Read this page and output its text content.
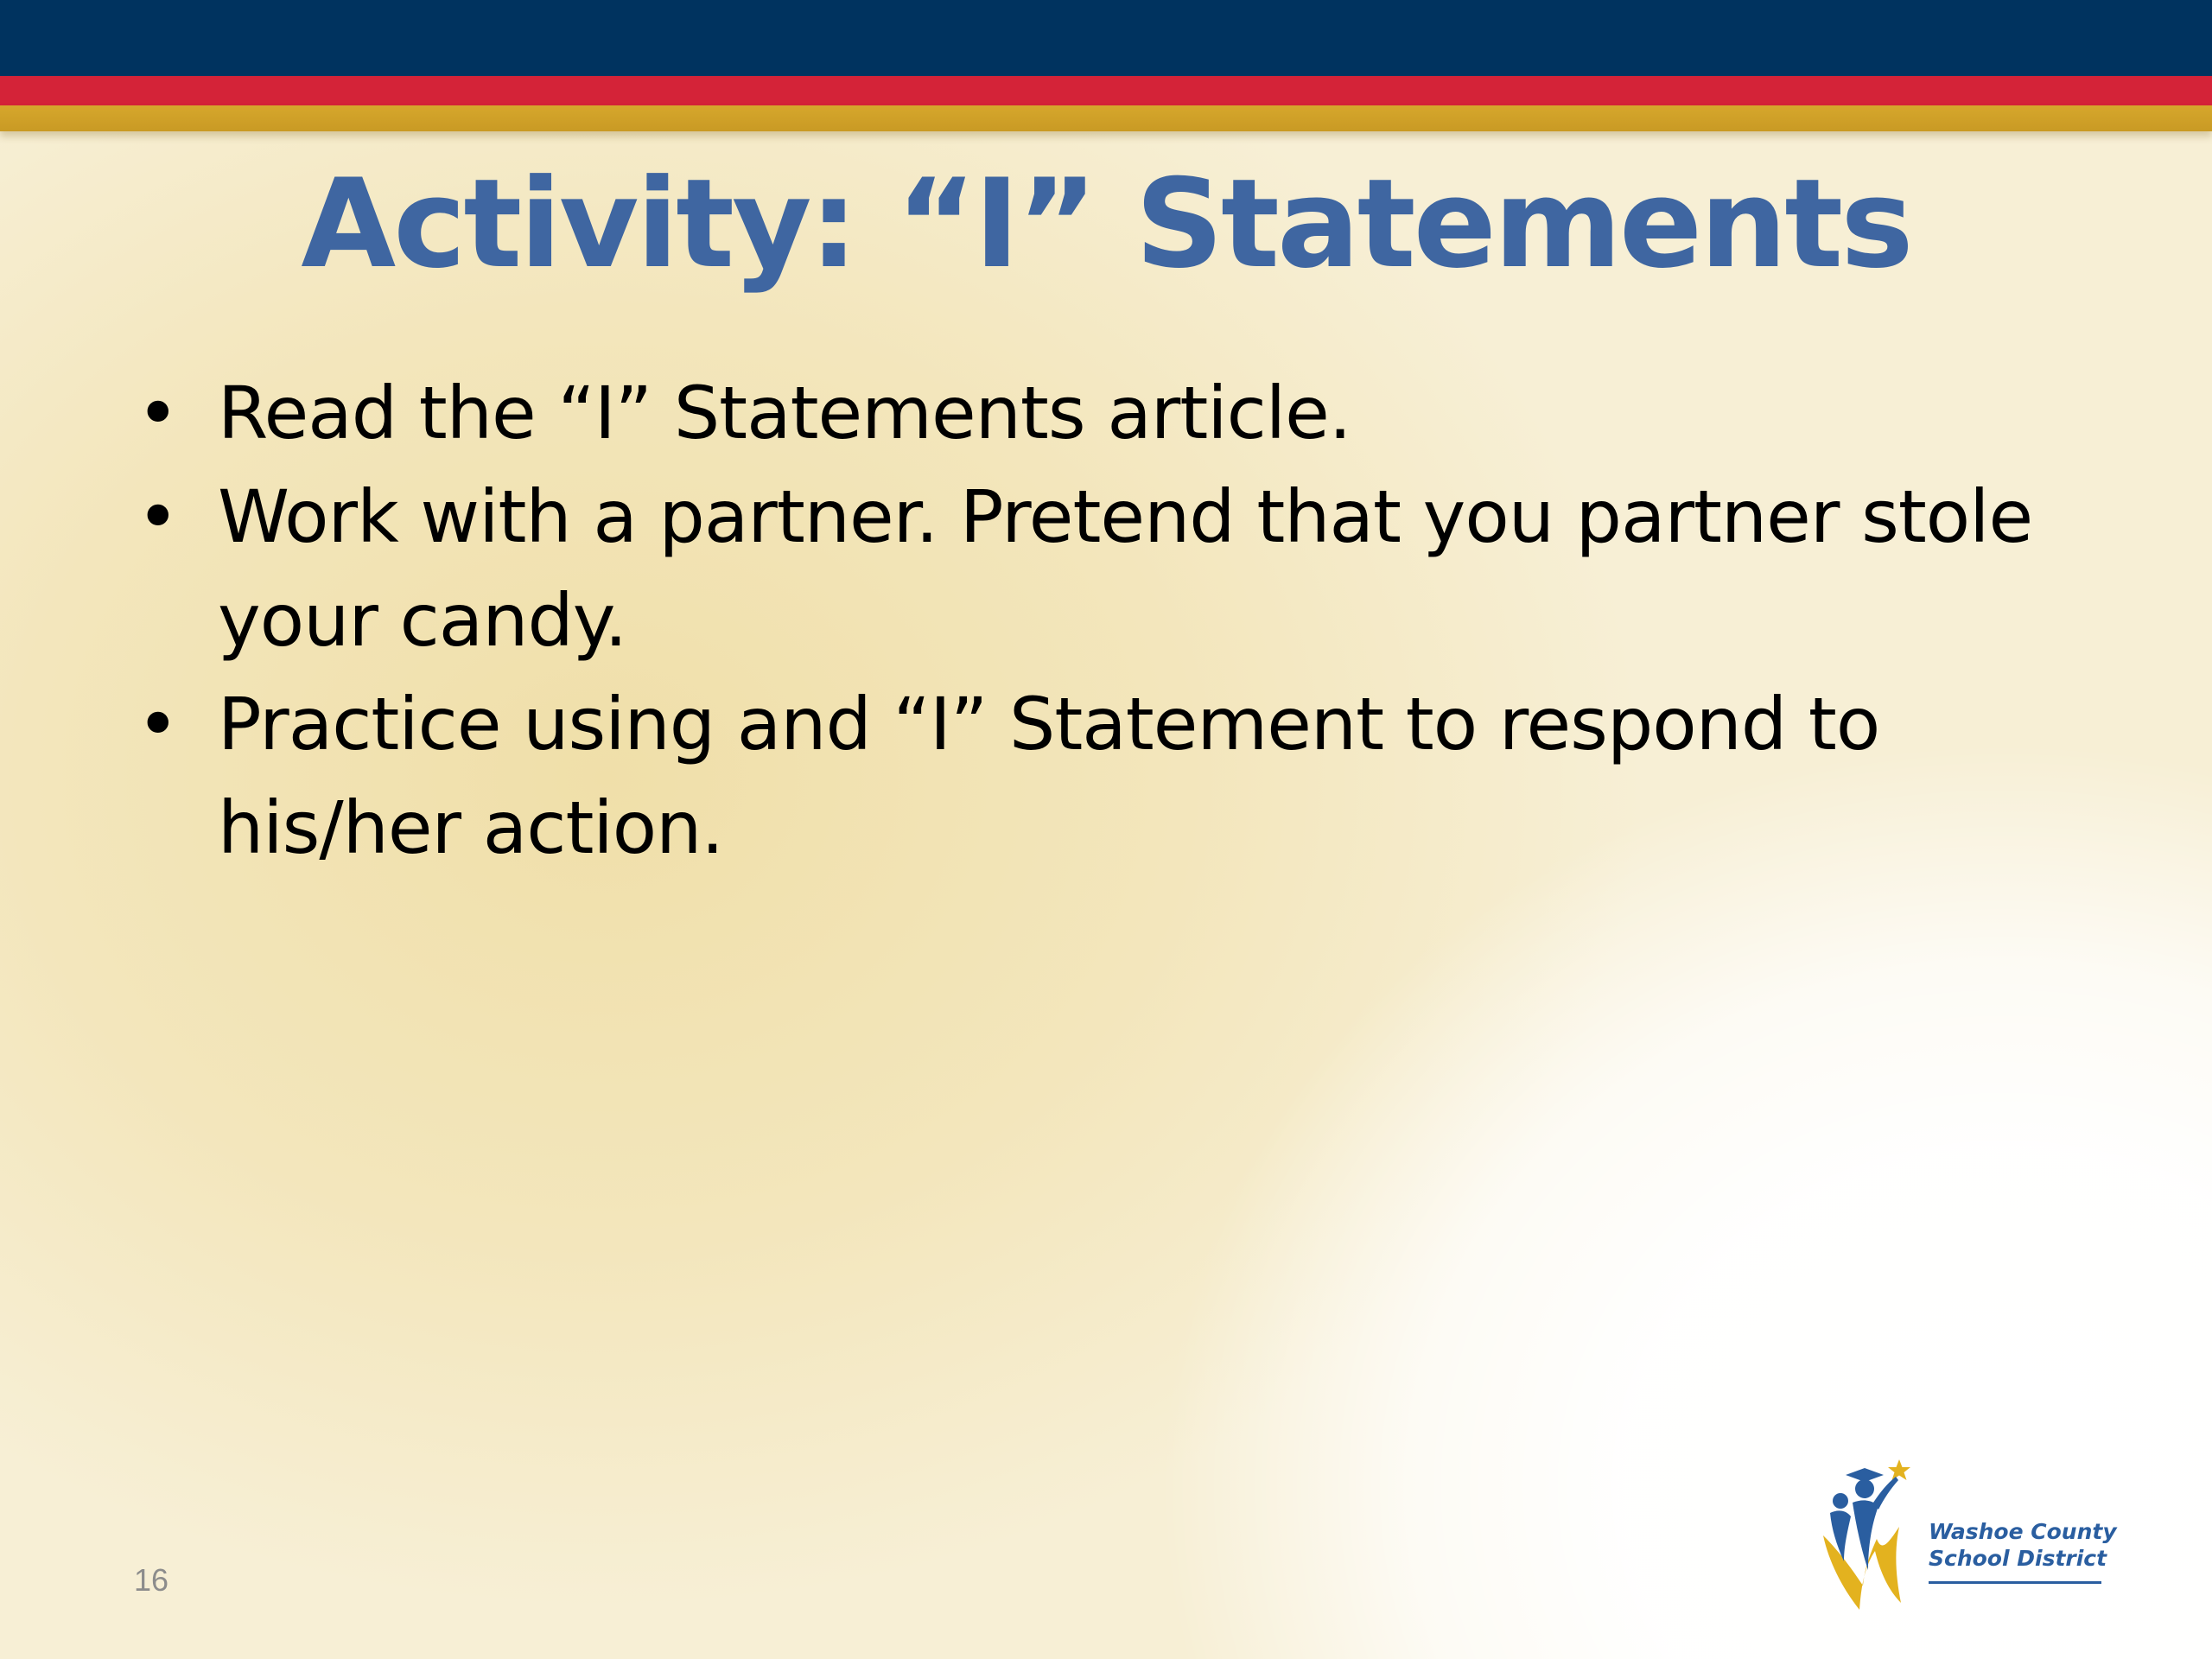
Activity: “I” Statements
• Read the “I” Statements article.
• Work with a partner. Pretend that you partner stole your candy.
• Practice using and “I” Statement to respond to his/her action.
16
Washoe County
School District
